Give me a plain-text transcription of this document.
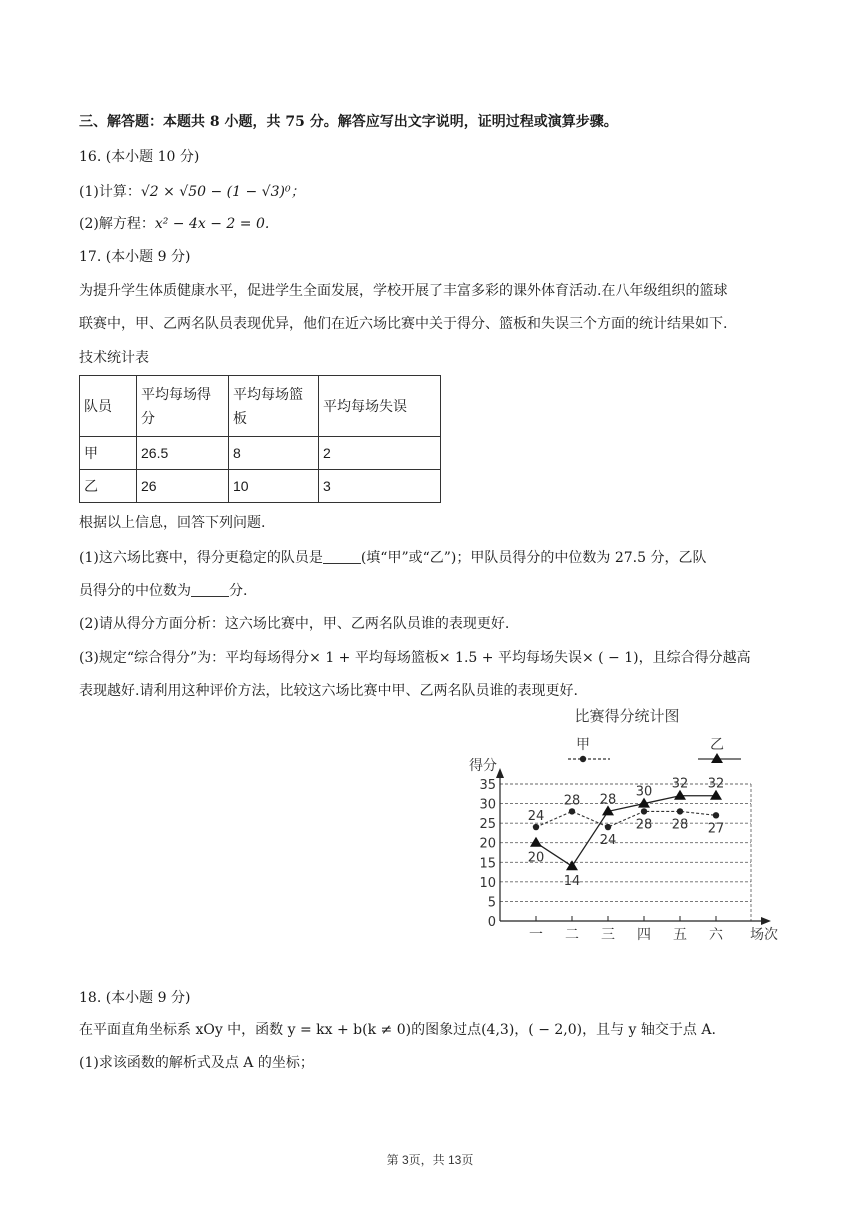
三、解答题：本题共 8 小题，共 75 分。解答应写出文字说明，证明过程或演算步骤。
16. (本小题 10 分)
(1)计算：√2 × √50 − (1 − √3)⁰；
(2)解方程：x² − 4x − 2 = 0.
17. (本小题 9 分)
为提升学生体质健康水平，促进学生全面发展，学校开展了丰富多彩的课外体育活动.在八年级组织的篮球
联赛中，甲、乙两名队员表现优异，他们在近六场比赛中关于得分、篮板和失误三个方面的统计结果如下.
技术统计表
队员	平均每场得分	平均每场篮板	平均每场失误
甲	26.5	8	2
乙	26	10	3
根据以上信息，回答下列问题.
(1)这六场比赛中，得分更稳定的队员是	(填“甲”或“乙”)；甲队员得分的中位数为 27.5 分，乙队
员得分的中位数为	分.
(2)请从得分方面分析：这六场比赛中，甲、乙两名队员谁的表现更好.
(3)规定“综合得分”为：平均每场得分× 1 + 平均每场篮板× 1.5 + 平均每场失误× ( − 1)，且综合得分越高
表现越好.请利用这种评价方法，比较这六场比赛中甲、乙两名队员谁的表现更好.
比赛得分统计图
甲	乙
得分
0
5
10
15
20
25
30
35
一 二 三 四 五 六 场次
24
28
24
28 28 27
20
14
28
30
32 32
18. (本小题 9 分)
在平面直角坐标系 xOy 中，函数 y = kx + b(k ≠ 0)的图象过点(4,3)，( − 2,0)，且与 y 轴交于点 A.
(1)求该函数的解析式及点 A 的坐标；
第 3页，共 13页
